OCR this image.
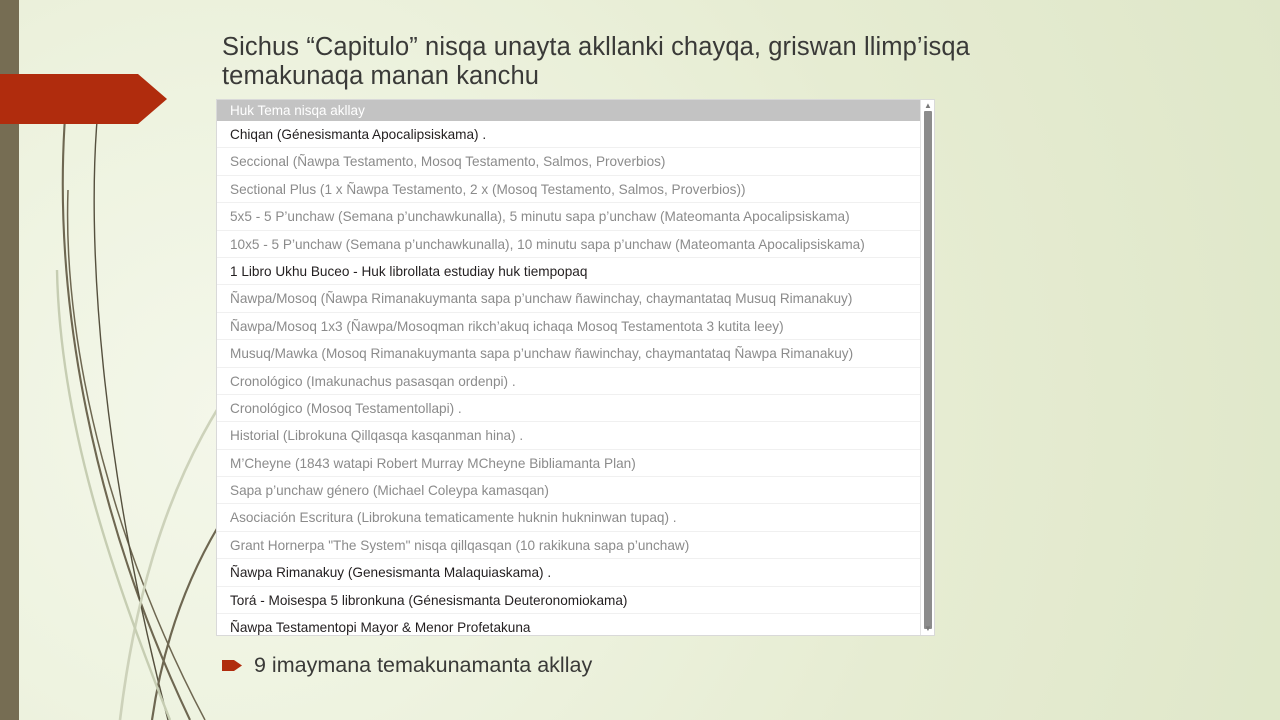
Sichus “Capitulo” nisqa unayta akllanki chayqa, griswan llimp’isqa temakunaqa manan kanchu
Huk Tema nisqa akllay
Chiqan (Génesismanta Apocalipsiskama) .
Seccional (Ñawpa Testamento, Mosoq Testamento, Salmos, Proverbios)
Sectional Plus (1 x Ñawpa Testamento, 2 x (Mosoq Testamento, Salmos, Proverbios))
5x5 - 5 P’unchaw (Semana p’unchawkunalla), 5 minutu sapa p’unchaw (Mateomanta Apocalipsiskama)
10x5 - 5 P’unchaw (Semana p’unchawkunalla), 10 minutu sapa p’unchaw (Mateomanta Apocalipsiskama)
1 Libro Ukhu Buceo - Huk librollata estudiay huk tiempopaq
Ñawpa/Mosoq (Ñawpa Rimanakuymanta sapa p’unchaw ñawinchay, chaymantataq Musuq Rimanakuy)
Ñawpa/Mosoq 1x3 (Ñawpa/Mosoqman rikch’akuq ichaqa Mosoq Testamentota 3 kutita leey)
Musuq/Mawka (Mosoq Rimanakuymanta sapa p’unchaw ñawinchay, chaymantataq Ñawpa Rimanakuy)
Cronológico (Imakunachus pasasqan ordenpi) .
Cronológico (Mosoq Testamentollapi) .
Historial (Librokuna Qillqasqa kasqanman hina) .
M’Cheyne (1843 watapi Robert Murray MCheyne Bibliamanta Plan)
Sapa p’unchaw género (Michael Coleypa kamasqan)
Asociación Escritura (Librokuna tematicamente huknin hukninwan tupaq) .
Grant Hornerpa "The System" nisqa qillqasqan (10 rakikuna sapa p’unchaw)
Ñawpa Rimanakuy (Genesismanta Malaquiaskama) .
Torá - Moisespa 5 libronkuna (Génesismanta Deuteronomiokama)
Ñawpa Testamentopi Mayor & Menor Profetakuna
▲
▼
9 imaymana temakunamanta akllay
